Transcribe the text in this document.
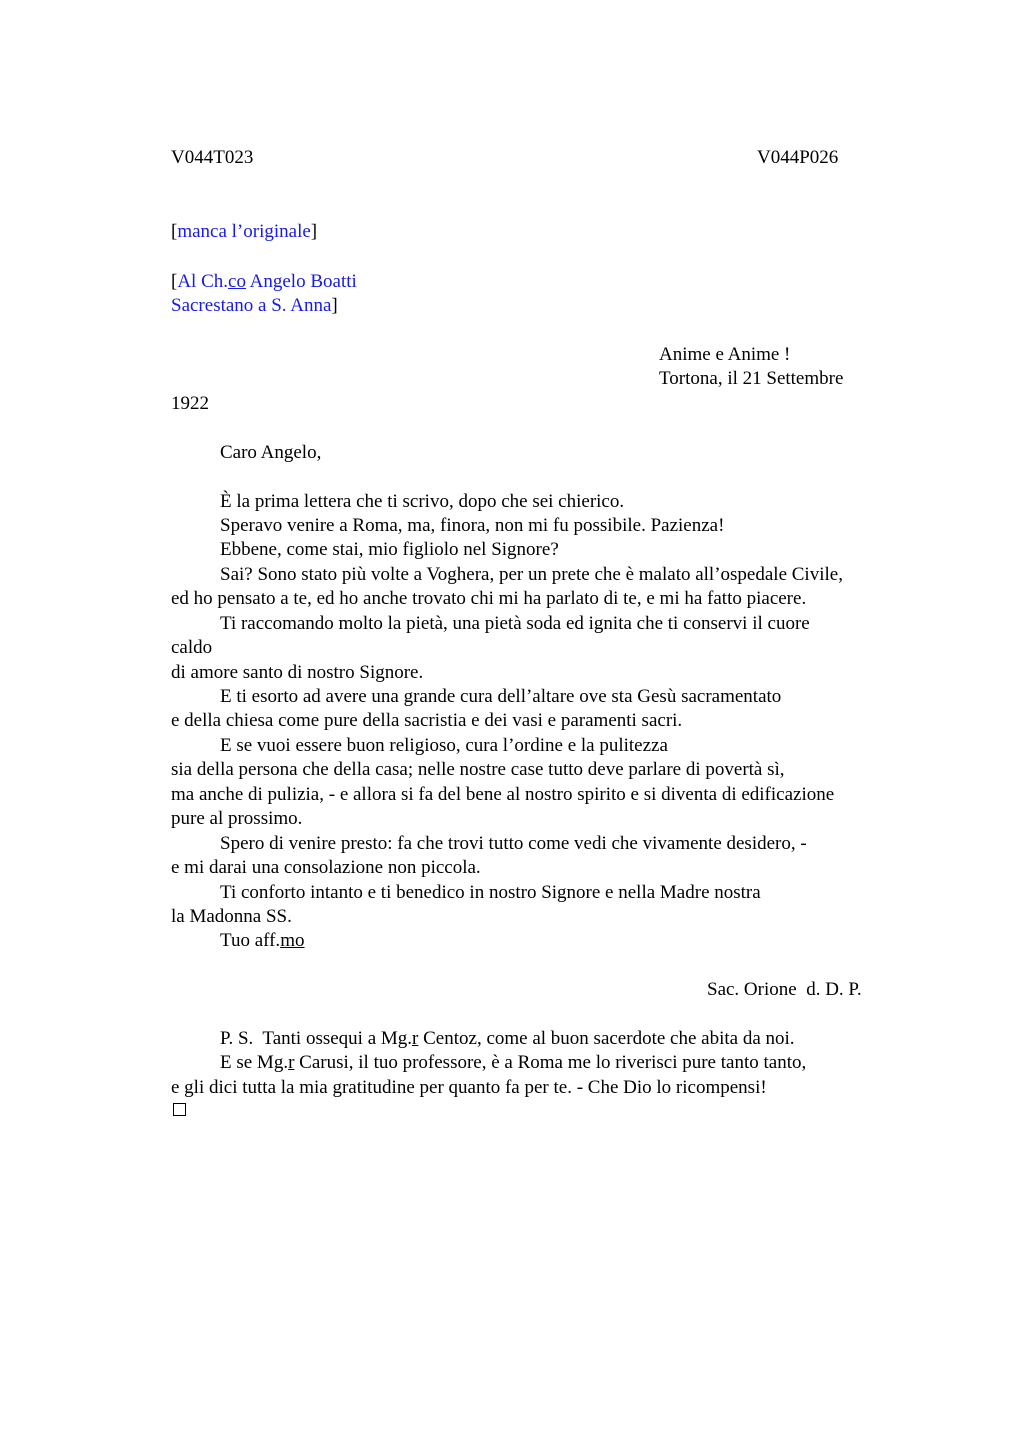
V044T023	V044P026

[manca l’originale]

[Al Ch.co Angelo Boatti

Sacrestano a S. Anna]

Anime e Anime !

Tortona, il 21 Settembre

1922

Caro Angelo,

È la prima lettera che ti scrivo, dopo che sei chierico.

Speravo venire a Roma, ma, finora, non mi fu possibile. Pazienza!

Ebbene, come stai, mio figliolo nel Signore?

Sai? Sono stato più volte a Voghera, per un prete che è malato all’ospedale Civile,

ed ho pensato a te, ed ho anche trovato chi mi ha parlato di te, e mi ha fatto piacere.

Ti raccomando molto la pietà, una pietà soda ed ignita che ti conservi il cuore

caldo

di amore santo di nostro Signore.

E ti esorto ad avere una grande cura dell’altare ove sta Gesù sacramentato

e della chiesa come pure della sacristia e dei vasi e paramenti sacri.

E se vuoi essere buon religioso, cura l’ordine e la pulitezza

sia della persona che della casa; nelle nostre case tutto deve parlare di povertà sì,

ma anche di pulizia, - e allora si fa del bene al nostro spirito e si diventa di edificazione

pure al prossimo.

Spero di venire presto: fa che trovi tutto come vedi che vivamente desidero, -

e mi darai una consolazione non piccola.

Ti conforto intanto e ti benedico in nostro Signore e nella Madre nostra

la Madonna SS.

Tuo aff.mo

Sac. Orione  d. D. P.

P. S.  Tanti ossequi a Mg.r Centoz, come al buon sacerdote che abita da noi.

E se Mg.r Carusi, il tuo professore, è a Roma me lo riverisci pure tanto tanto,

e gli dici tutta la mia gratitudine per quanto fa per te. - Che Dio lo ricompensi!
